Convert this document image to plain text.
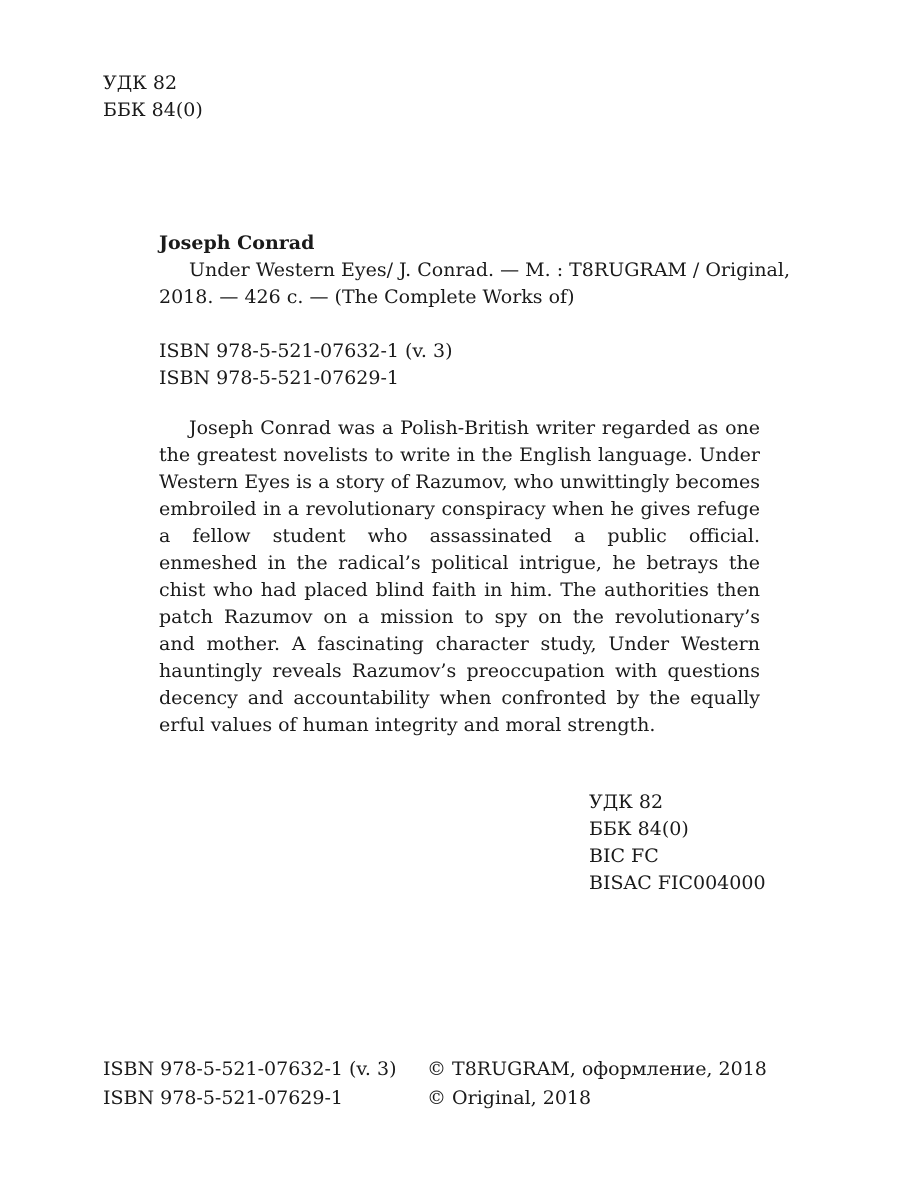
УДК 82
ББК 84(0)
Joseph Conrad
Under Western Eyes/ J. Conrad. — M. : T8RUGRAM / Original,
2018. — 426 c. — (The Complete Works of)
ISBN 978-5-521-07632-1 (v. 3)
ISBN 978-5-521-07629-1
Joseph Conrad was a Polish-British writer regarded as one
the greatest novelists to write in the English language. Under
Western Eyes is a story of Razumov, who unwittingly becomes
embroiled in a revolutionary conspiracy when he gives refuge
a fellow student who assassinated a public official.
enmeshed in the radical’s political intrigue, he betrays the
chist who had placed blind faith in him. The authorities then
patch Razumov on a mission to spy on the revolutionary’s
and mother. A fascinating character study, Under Western
hauntingly reveals Razumov’s preoccupation with questions
decency and accountability when confronted by the equally
erful values of human integrity and moral strength.
УДК 82
ББК 84(0)
BIC FC
BISAC FIC004000
ISBN 978-5-521-07632-1 (v. 3)
ISBN 978-5-521-07629-1
© T8RUGRAM, оформление, 2018
© Original, 2018
